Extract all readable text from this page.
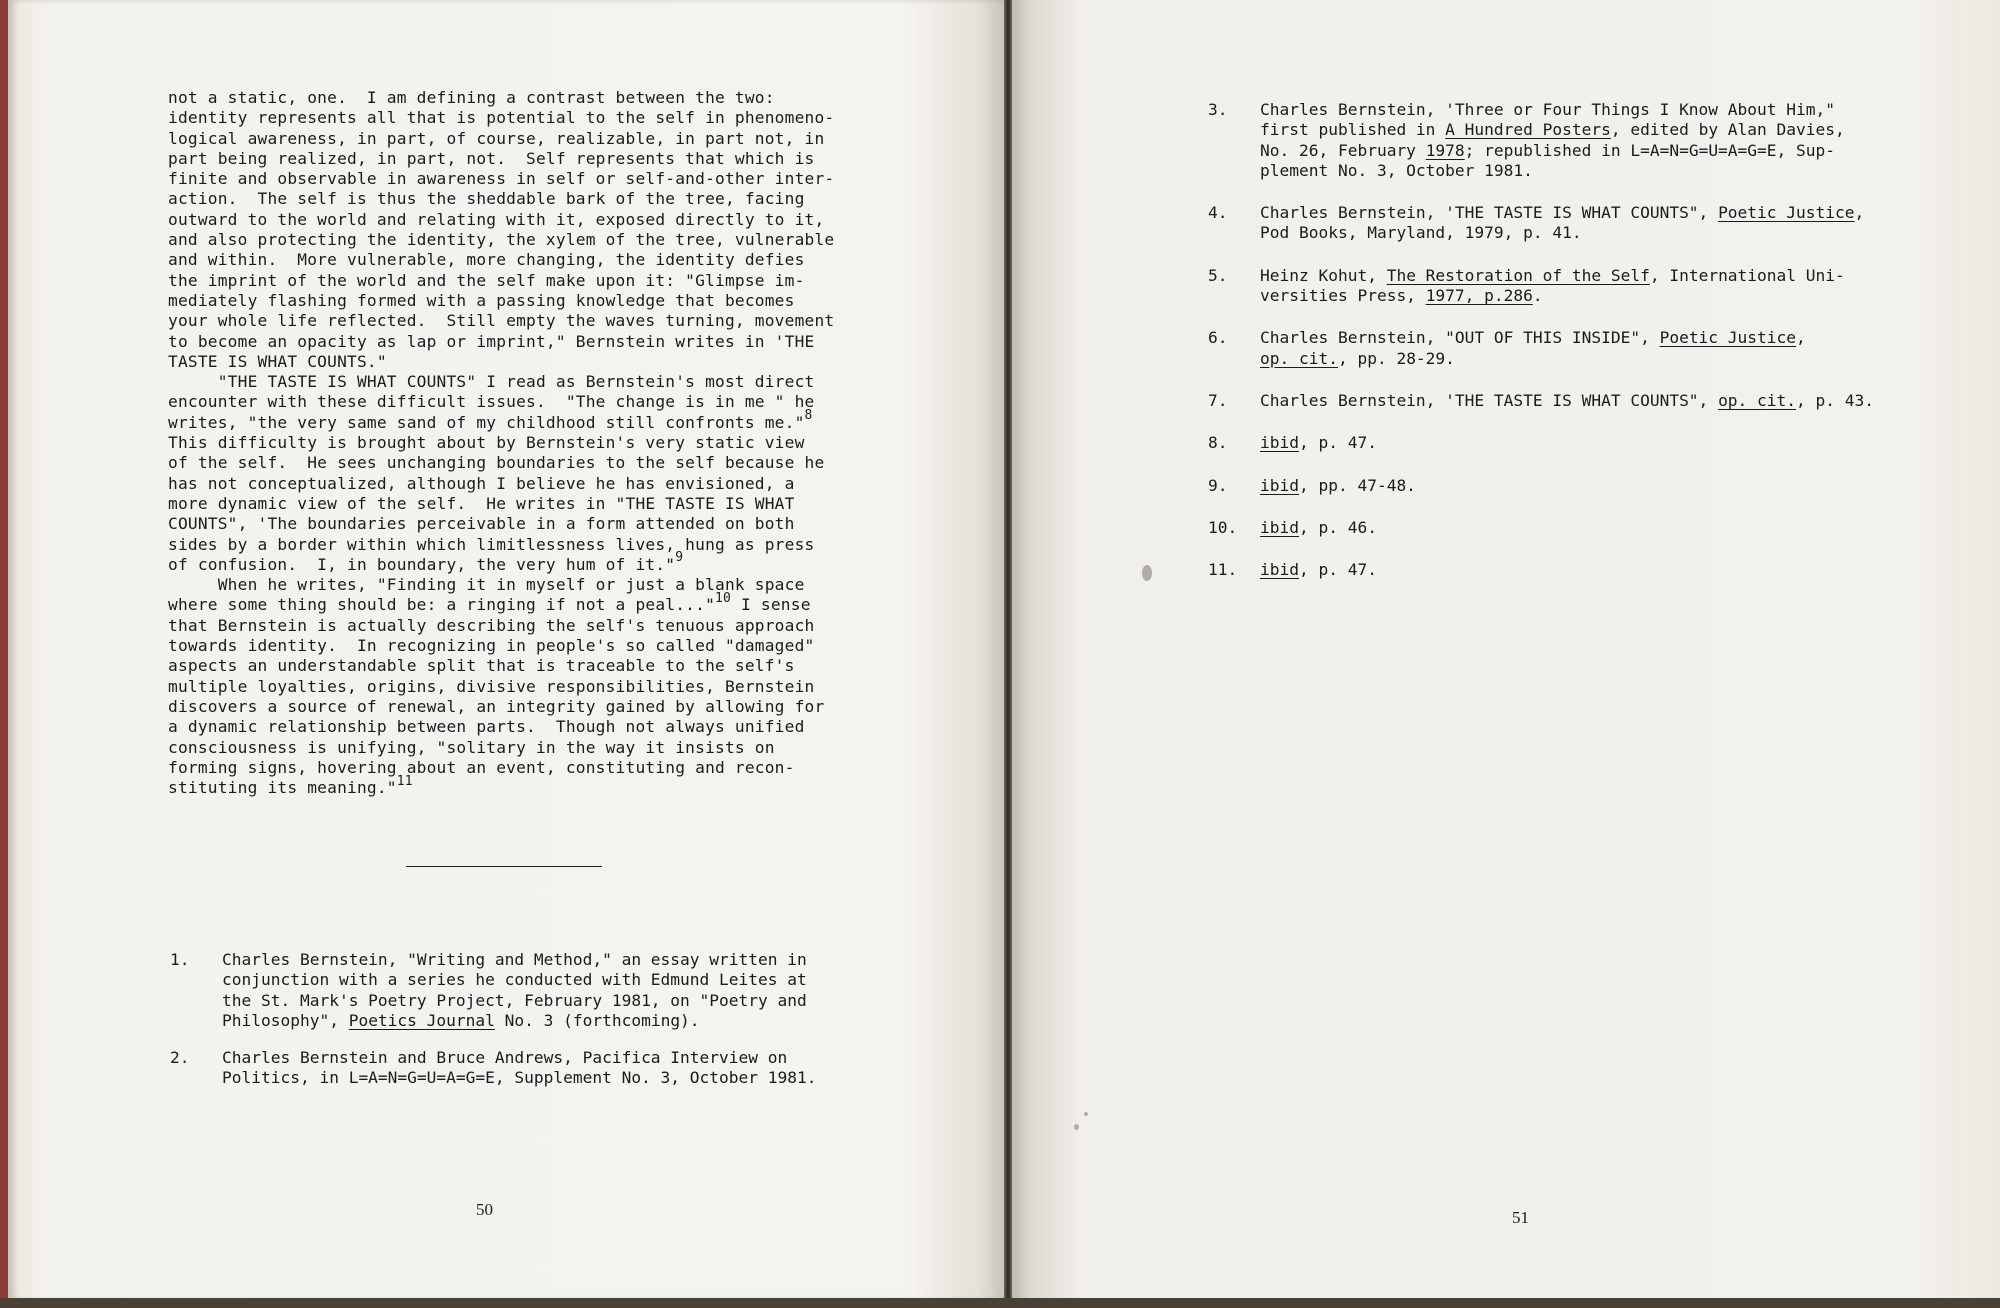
not a static, one.  I am defining a contrast between the two:
identity represents all that is potential to the self in phenomeno-
logical awareness, in part, of course, realizable, in part not, in
part being realized, in part, not.  Self represents that which is
finite and observable in awareness in self or self-and-other inter-
action.  The self is thus the sheddable bark of the tree, facing
outward to the world and relating with it, exposed directly to it,
and also protecting the identity, the xylem of the tree, vulnerable
and within.  More vulnerable, more changing, the identity defies
the imprint of the world and the self make upon it: "Glimpse im-
mediately flashing formed with a passing knowledge that becomes
your whole life reflected.  Still empty the waves turning, movement
to become an opacity as lap or imprint," Bernstein writes in 'THE
TASTE IS WHAT COUNTS."

"THE TASTE IS WHAT COUNTS" I read as Bernstein's most direct
encounter with these difficult issues.  "The change is in me " he
writes, "the very same sand of my childhood still confronts me."$^8$
This difficulty is brought about by Bernstein's very static view
of the self.  He sees unchanging boundaries to the self because he
has not conceptualized, although I believe he has envisioned, a
more dynamic view of the self.  He writes in "THE TASTE IS WHAT
COUNTS", 'The boundaries perceivable in a form attended on both
sides by a border within which limitlessness lives, hung as press
of confusion.  I, in boundary, the very hum of it."$^9$

When he writes, "Finding it in myself or just a blank space
where some thing should be: a ringing if not a peal..."$^{10}$ I sense
that Bernstein is actually describing the self's tenuous approach
towards identity.  In recognizing in people's so called "damaged"
aspects an understandable split that is traceable to the self's
multiple loyalties, origins, divisive responsibilities, Bernstein
discovers a source of renewal, an integrity gained by allowing for
a dynamic relationship between parts.  Though not always unified
consciousness is unifying, "solitary in the way it insists on
forming signs, hovering about an event, constituting and recon-
stituting its meaning."$^{11}$

1. Charles Bernstein, "Writing and Method," an essay written in
conjunction with a series he conducted with Edmund Leites at
the St. Mark's Poetry Project, February 1981, on "Poetry and
Philosophy", Poetics Journal No. 3 (forthcoming).
2. Charles Bernstein and Bruce Andrews, Pacifica Interview on
Politics, in L=A=N=G=U=A=G=E, Supplement No. 3, October 1981.
50
3. Charles Bernstein, 'Three or Four Things I Know About Him,"
first published in A Hundred Posters, edited by Alan Davies,
No. 26, February 1978; republished in L=A=N=G=U=A=G=E, Sup-
plement No. 3, October 1981.
4. Charles Bernstein, 'THE TASTE IS WHAT COUNTS", Poetic Justice,
Pod Books, Maryland, 1979, p. 41.
5. Heinz Kohut, The Restoration of the Self, International Uni-
versities Press, 1977, p.286.
6. Charles Bernstein, "OUT OF THIS INSIDE", Poetic Justice,
op. cit., pp. 28-29.
7. Charles Bernstein, 'THE TASTE IS WHAT COUNTS", op. cit., p. 43.
8. ibid, p. 47.
9. ibid, pp. 47-48.
10. ibid, p. 46.
11. ibid, p. 47.
51
